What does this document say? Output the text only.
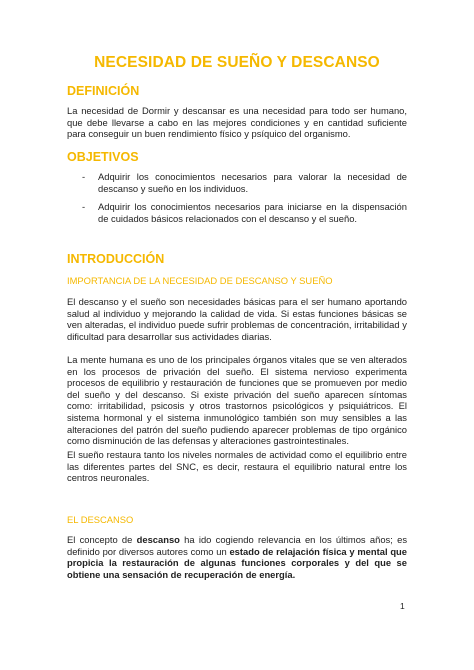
NECESIDAD DE SUEÑO Y DESCANSO
DEFINICIÓN
La necesidad de Dormir y descansar es una necesidad para todo ser humano, que debe llevarse a cabo en las mejores condiciones y en cantidad suficiente para conseguir un buen rendimiento físico y psíquico del organismo.
OBJETIVOS
- Adquirir los conocimientos necesarios para valorar la necesidad de descanso y sueño en los individuos.
- Adquirir los conocimientos necesarios para iniciarse en la dispensación de cuidados básicos relacionados con el descanso y el sueño.
INTRODUCCIÓN
IMPORTANCIA DE LA NECESIDAD DE DESCANSO Y SUEÑO
El descanso y el sueño son necesidades básicas para el ser humano aportando salud al individuo y mejorando la calidad de vida. Si estas funciones básicas se ven alteradas, el individuo puede sufrir problemas de concentración, irritabilidad y dificultad para desarrollar sus actividades diarias.
La mente humana es uno de los principales órganos vitales que se ven alterados en los procesos de privación del sueño. El sistema nervioso experimenta procesos de equilibrio y restauración de funciones que se promueven por medio del sueño y del descanso. Si existe privación del sueño aparecen síntomas como: irritabilidad, psicosis y otros trastornos psicológicos y psiquiátricos. El sistema hormonal y el sistema inmunológico también son muy sensibles a las alteraciones del patrón del sueño pudiendo aparecer problemas de tipo orgánico como disminución de las defensas y alteraciones gastrointestinales.
El sueño restaura tanto los niveles normales de actividad como el equilibrio entre las diferentes partes del SNC, es decir, restaura el equilibrio natural entre los centros neuronales.
EL DESCANSO
El concepto de descanso ha ido cogiendo relevancia en los últimos años; es definido por diversos autores como un estado de relajación física y mental que propicia la restauración de algunas funciones corporales y del que se obtiene una sensación de recuperación de energía.
1
